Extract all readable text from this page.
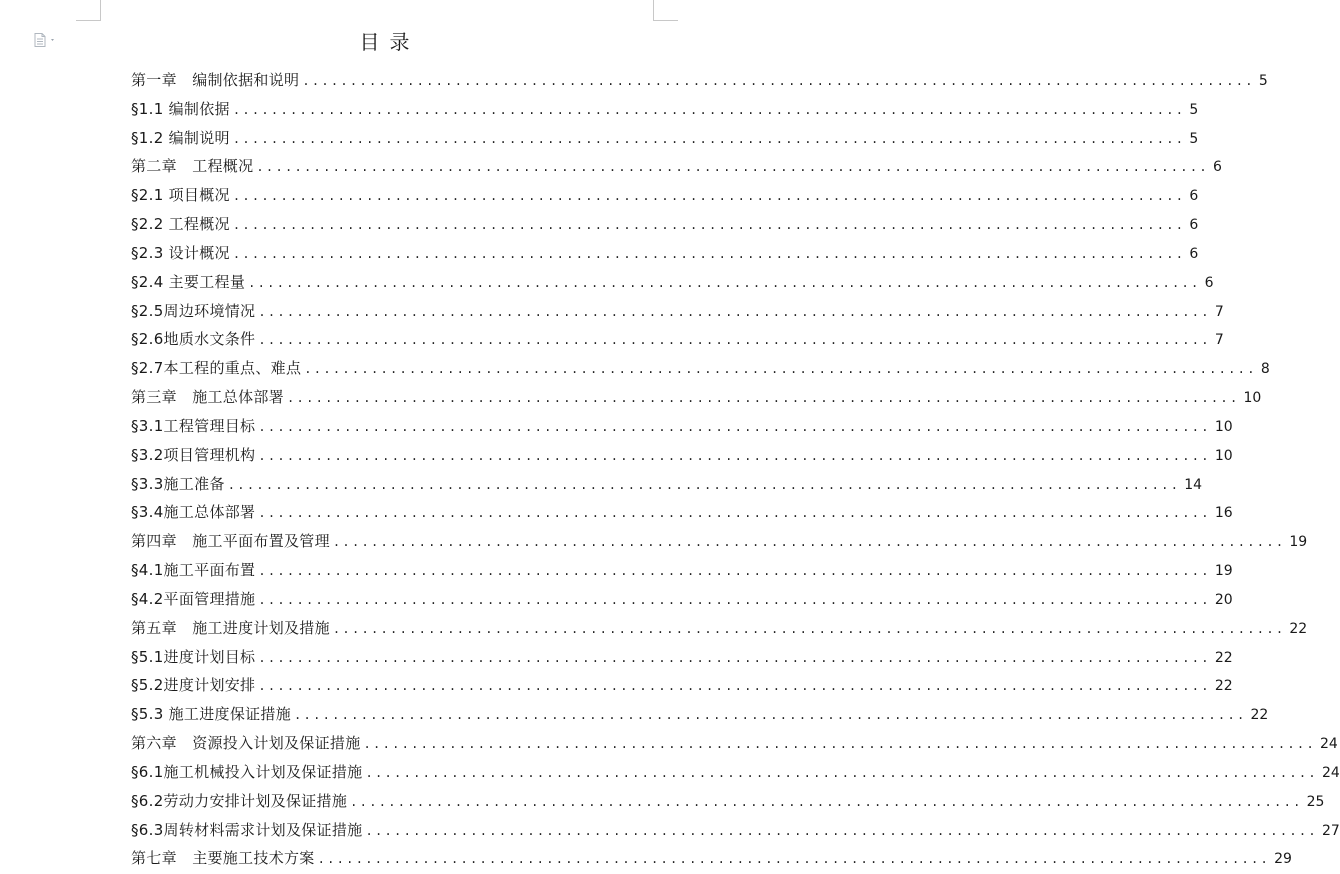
目录
第一章　编制依据和说明 .................................................................................................... 5
§1.1 编制依据 .................................................................................................... 5
§1.2 编制说明 .................................................................................................... 5
第二章　工程概况 .................................................................................................... 6
§2.1 项目概况 .................................................................................................... 6
§2.2 工程概况 .................................................................................................... 6
§2.3 设计概况 .................................................................................................... 6
§2.4 主要工程量 .................................................................................................... 6
§2.5周边环境情况 .................................................................................................... 7
§2.6地质水文条件 .................................................................................................... 7
§2.7本工程的重点、难点 .................................................................................................... 8
第三章　施工总体部署 .................................................................................................... 10
§3.1工程管理目标 .................................................................................................... 10
§3.2项目管理机构 .................................................................................................... 10
§3.3施工准备 .................................................................................................... 14
§3.4施工总体部署 .................................................................................................... 16
第四章　施工平面布置及管理 .................................................................................................... 19
§4.1施工平面布置 .................................................................................................... 19
§4.2平面管理措施 .................................................................................................... 20
第五章　施工进度计划及措施 .................................................................................................... 22
§5.1进度计划目标 .................................................................................................... 22
§5.2进度计划安排 .................................................................................................... 22
§5.3 施工进度保证措施 .................................................................................................... 22
第六章　资源投入计划及保证措施 .................................................................................................... 24
§6.1施工机械投入计划及保证措施 .................................................................................................... 24
§6.2劳动力安排计划及保证措施 .................................................................................................... 25
§6.3周转材料需求计划及保证措施 .................................................................................................... 27
第七章　主要施工技术方案 .................................................................................................... 29
